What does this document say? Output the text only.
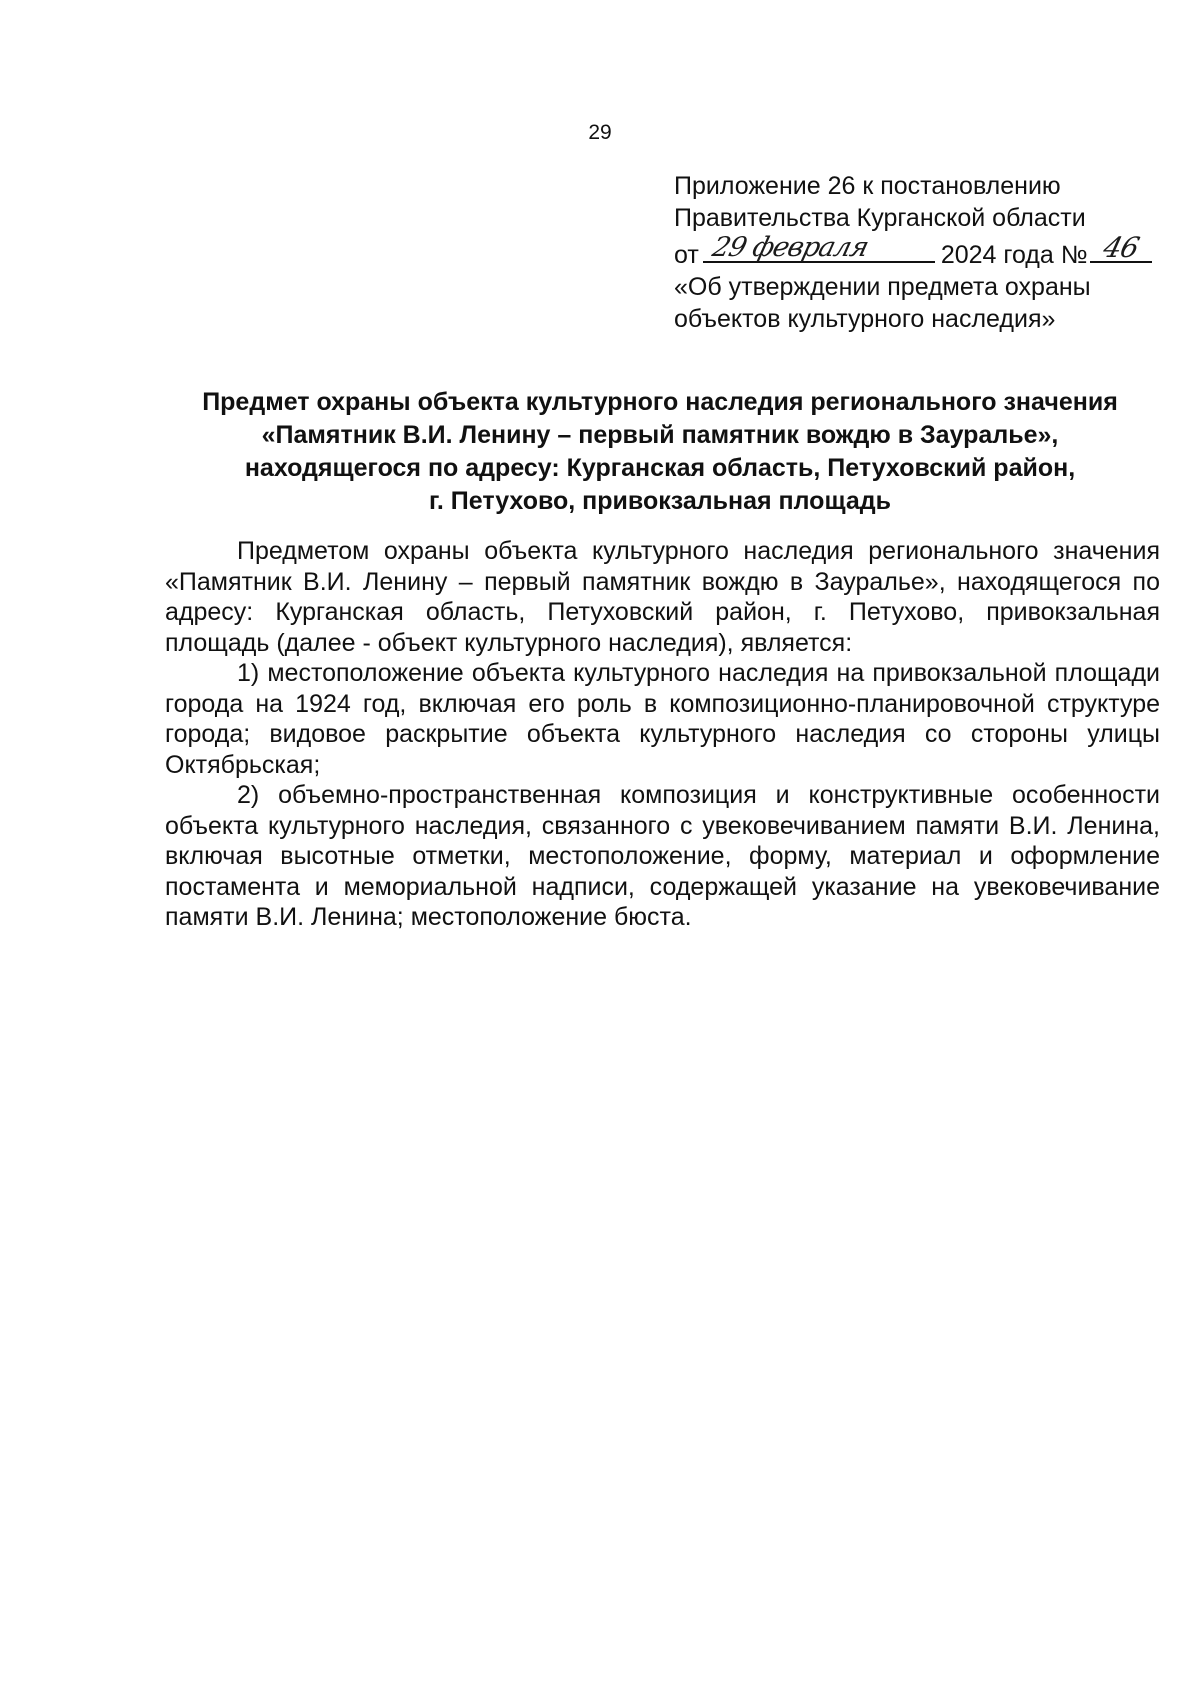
29
Приложение 26 к постановлению
Правительства Курганской области
от 29 февраля	2024 года № 46
«Об утверждении предмета охраны
объектов культурного наследия»
Предмет охраны объекта культурного наследия регионального значения
«Памятник В.И. Ленину – первый памятник вождю в Зауралье»,
находящегося по адресу: Курганская область, Петуховский район,
г. Петухово, привокзальная площадь

Предметом охраны объекта культурного наследия регионального значения «Памятник В.И. Ленину – первый памятник вождю в Зауралье», находящегося по адресу: Курганская область, Петуховский район, г. Петухово, привокзальная площадь (далее - объект культурного наследия), является:

1) местоположение объекта культурного наследия на привокзальной площади города на 1924 год, включая его роль в композиционно-планировочной структуре города; видовое раскрытие объекта культурного наследия со стороны улицы Октябрьская;

2) объемно-пространственная композиция и конструктивные особенности объекта культурного наследия, связанного с увековечиванием памяти В.И. Ленина, включая высотные отметки, местоположение, форму, материал и оформление постамента и мемориальной надписи, содержащей указание на увековечивание памяти В.И. Ленина; местоположение бюста.
